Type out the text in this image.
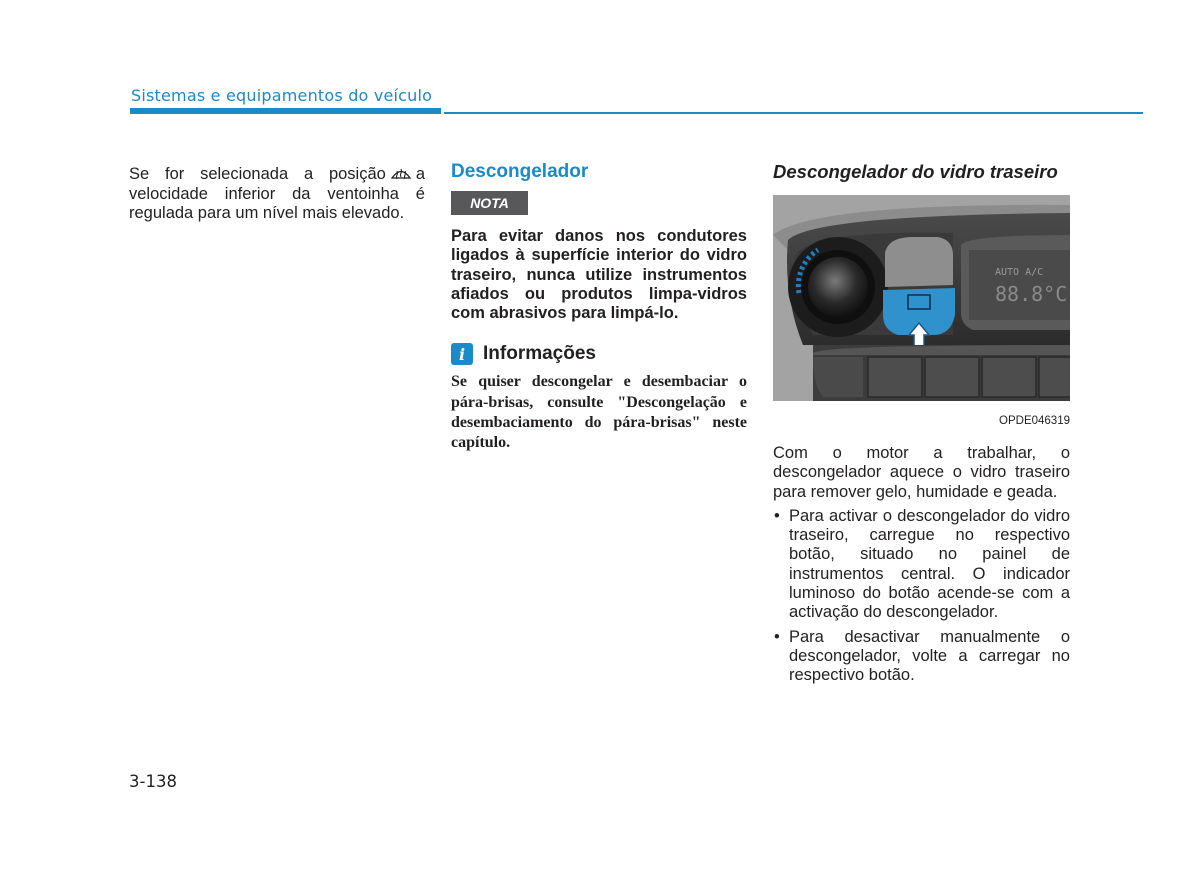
Sistemas e equipamentos do veículo
Se for selecionada a posição a velocidade inferior da ventoinha é regulada para um nível mais elevado.
Descongelador
NOTA
Para evitar danos nos condutores ligados à superfície interior do vidro traseiro, nunca utilize instrumentos afiados ou produtos limpa-vidros com abrasivos para limpá-lo.
i Informações
Se quiser descongelar e desembaciar o pára-brisas, consulte "Descongelação e desembaciamento do pára-brisas" neste capítulo.
Descongelador do vidro traseiro
AUTO A/C
88.8°C
OPDE046319
Com o motor a trabalhar, o descongelador aquece o vidro traseiro para remover gelo, humidade e geada.
• Para activar o descongelador do vidro traseiro, carregue no respectivo botão, situado no painel de instrumentos central. O indicador luminoso do botão acende-se com a activação do descongelador.
• Para desactivar manualmente o descongelador, volte a carregar no respectivo botão.
3-138
